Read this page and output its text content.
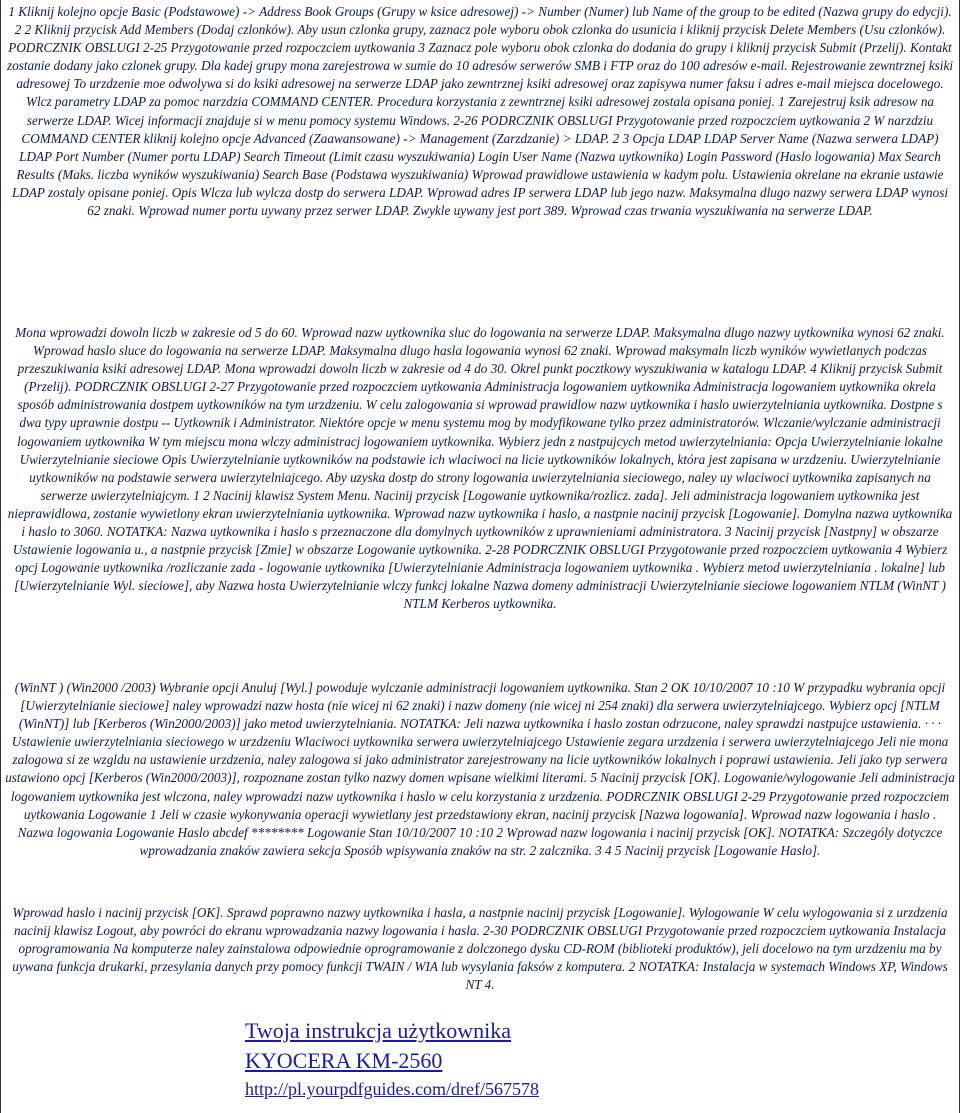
1 Kliknij kolejno opcje Basic (Podstawowe) -> Address Book Groups (Grupy w ksice adresowej) -> Number (Numer) lub Name of the group to be edited (Nazwa grupy do edycji). 2 2 Kliknij przycisk Add Members (Dodaj czlonków). Aby usun czlonka grupy, zaznacz pole wyboru obok czlonka do usunicia i kliknij przycisk Delete Members (Usu czlonków). PODRCZNIK OBSLUGI 2-25 Przygotowanie przed rozpoczciem uytkowania 3 Zaznacz pole wyboru obok czlonka do dodania do grupy i kliknij przycisk Submit (Przelij). Kontakt zostanie dodany jako czlonek grupy. Dla kadej grupy mona zarejestrowa w sumie do 10 adresów serwerów SMB i FTP oraz do 100 adresów e-mail. Rejestrowanie zewntrznej ksiki adresowej To urzdzenie moe odwolywa si do ksiki adresowej na serwerze LDAP jako zewntrznej ksiki adresowej oraz zapisywa numer faksu i adres e-mail miejsca docelowego. Wlcz parametry LDAP za pomoc narzdzia COMMAND CENTER. Procedura korzystania z zewntrznej ksiki adresowej zostala opisana poniej. 1 Zarejestruj ksik adresow na serwerze LDAP. Wicej informacji znajduje si w menu pomocy systemu Windows. 2-26 PODRCZNIK OBSLUGI Przygotowanie przed rozpoczciem uytkowania 2 W narzdziu COMMAND CENTER kliknij kolejno opcje Advanced (Zaawansowane) -> Management (Zarzdzanie) > LDAP. 2 3 Opcja LDAP LDAP Server Name (Nazwa serwera LDAP) LDAP Port Number (Numer portu LDAP) Search Timeout (Limit czasu wyszukiwania) Login User Name (Nazwa uytkownika) Login Password (Haslo logowania) Max Search Results (Maks. liczba wyników wyszukiwania) Search Base (Podstawa wyszukiwania) Wprowad prawidlowe ustawienia w kadym polu. Ustawienia okrelane na ekranie ustawie LDAP zostaly opisane poniej. Opis Wlcza lub wylcza dostp do serwera LDAP. Wprowad adres IP serwera LDAP lub jego nazw. Maksymalna dlugo nazwy serwera LDAP wynosi 62 znaki. Wprowad numer portu uywany przez serwer LDAP. Zwykle uywany jest port 389. Wprowad czas trwania wyszukiwania na serwerze LDAP.

Mona wprowadzi dowoln liczb w zakresie od 5 do 60. Wprowad nazw uytkownika sluc do logowania na serwerze LDAP. Maksymalna dlugo nazwy uytkownika wynosi 62 znaki. Wprowad haslo sluce do logowania na serwerze LDAP. Maksymalna dlugo hasla logowania wynosi 62 znaki. Wprowad maksymaln liczb wyników wywietlanych podczas przeszukiwania ksiki adresowej LDAP. Mona wprowadzi dowoln liczb w zakresie od 4 do 30. Okrel punkt pocztkowy wyszukiwania w katalogu LDAP. 4 Kliknij przycisk Submit (Przelij). PODRCZNIK OBSLUGI 2-27 Przygotowanie przed rozpoczciem uytkowania Administracja logowaniem uytkownika Administracja logowaniem uytkownika okrela sposób administrowania dostpem uytkowników na tym urzdzeniu. W celu zalogowania si wprowad prawidlow nazw uytkownika i haslo uwierzytelniania uytkownika. Dostpne s dwa typy uprawnie dostpu -- Uytkownik i Administrator. Niektóre opcje w menu systemu mog by modyfikowane tylko przez administratorów. Wlczanie/wylczanie administracji logowaniem uytkownika W tym miejscu mona wlczy administracj logowaniem uytkownika. Wybierz jedn z nastpujcych metod uwierzytelniania: Opcja Uwierzytelnianie lokalne Uwierzytelnianie sieciowe Opis Uwierzytelnianie uytkowników na podstawie ich wlaciwoci na licie uytkowników lokalnych, która jest zapisana w urzdzeniu. Uwierzytelnianie uytkowników na podstawie serwera uwierzytelniajcego. Aby uzyska dostp do strony logowania uwierzytelniania sieciowego, naley uy wlaciwoci uytkownika zapisanych na serwerze uwierzytelniajcym. 1 2 Nacinij klawisz System Menu. Nacinij przycisk [Logowanie uytkownika/rozlicz. zada]. Jeli administracja logowaniem uytkownika jest nieprawidlowa, zostanie wywietlony ekran uwierzytelniania uytkownika. Wprowad nazw uytkownika i haslo, a nastpnie nacinij przycisk [Logowanie]. Domylna nazwa uytkownika i haslo to 3060. NOTATKA: Nazwa uytkownika i haslo s przeznaczone dla domylnych uytkowników z uprawnieniami administratora. 3 Nacinij przycisk [Nastpny] w obszarze Ustawienie logowania u., a nastpnie przycisk [Zmie] w obszarze Logowanie uytkownika. 2-28 PODRCZNIK OBSLUGI Przygotowanie przed rozpoczciem uytkowania 4 Wybierz opcj Logowanie uytkownika /rozliczanie zada - logowanie uytkownika [Uwierzytelnianie Administracja logowaniem uytkownika . Wybierz metod uwierzytelniania . lokalne] lub [Uwierzytelnianie Wyl. sieciowe], aby Nazwa hosta Uwierzytelnianie wlczy funkcj lokalne Nazwa domeny administracji Uwierzytelnianie sieciowe logowaniem NTLM (WinNT ) NTLM Kerberos uytkownika.

(WinNT ) (Win2000 /2003) Wybranie opcji Anuluj [Wyl.] powoduje wylczanie administracji logowaniem uytkownika. Stan 2 OK 10/10/2007 10 :10 W przypadku wybrania opcji [Uwierzytelnianie sieciowe] naley wprowadzi nazw hosta (nie wicej ni 62 znaki) i nazw domeny (nie wicej ni 254 znaki) dla serwera uwierzytelniajcego. Wybierz opcj [NTLM (WinNT)] lub [Kerberos (Win2000/2003)] jako metod uwierzytelniania. NOTATKA: Jeli nazwa uytkownika i haslo zostan odrzucone, naley sprawdzi nastpujce ustawienia. · · · Ustawienie uwierzytelniania sieciowego w urzdzeniu Wlaciwoci uytkownika serwera uwierzytelniajcego Ustawienie zegara urzdzenia i serwera uwierzytelniajcego Jeli nie mona zalogowa si ze wzgldu na ustawienie urzdzenia, naley zalogowa si jako administrator zarejestrowany na licie uytkowników lokalnych i poprawi ustawienia. Jeli jako typ serwera ustawiono opcj [Kerberos (Win2000/2003)], rozpoznane zostan tylko nazwy domen wpisane wielkimi literami. 5 Nacinij przycisk [OK]. Logowanie/wylogowanie Jeli administracja logowaniem uytkownika jest wlczona, naley wprowadzi nazw uytkownika i haslo w celu korzystania z urzdzenia. PODRCZNIK OBSLUGI 2-29 Przygotowanie przed rozpoczciem uytkowania Logowanie 1 Jeli w czasie wykonywania operacji wywietlany jest przedstawiony ekran, nacinij przycisk [Nazwa logowania]. Wprowad nazw logowania i haslo . Nazwa logowania Logowanie Haslo abcdef ******** Logowanie Stan 10/10/2007 10 :10 2 Wprowad nazw logowania i nacinij przycisk [OK]. NOTATKA: Szczególy dotyczce wprowadzania znaków zawiera sekcja Sposób wpisywania znaków na str. 2 zalcznika. 3 4 5 Nacinij przycisk [Logowanie Haslo].

Wprowad haslo i nacinij przycisk [OK]. Sprawd poprawno nazwy uytkownika i hasla, a nastpnie nacinij przycisk [Logowanie]. Wylogowanie W celu wylogowania si z urzdzenia nacinij klawisz Logout, aby powróci do ekranu wprowadzania nazwy logowania i hasla. 2-30 PODRCZNIK OBSLUGI Przygotowanie przed rozpoczciem uytkowania Instalacja oprogramowania Na komputerze naley zainstalowa odpowiednie oprogramowanie z dolczonego dysku CD-ROM (biblioteki produktów), jeli docelowo na tym urzdzeniu ma by uywana funkcja drukarki, przesylania danych przy pomocy funkcji TWAIN / WIA lub wysylania faksów z komputera. 2 NOTATKA: Instalacja w systemach Windows XP, Windows NT 4.

Twoja instrukcja użytkownika
KYOCERA KM-2560
http://pl.yourpdfguides.com/dref/567578
